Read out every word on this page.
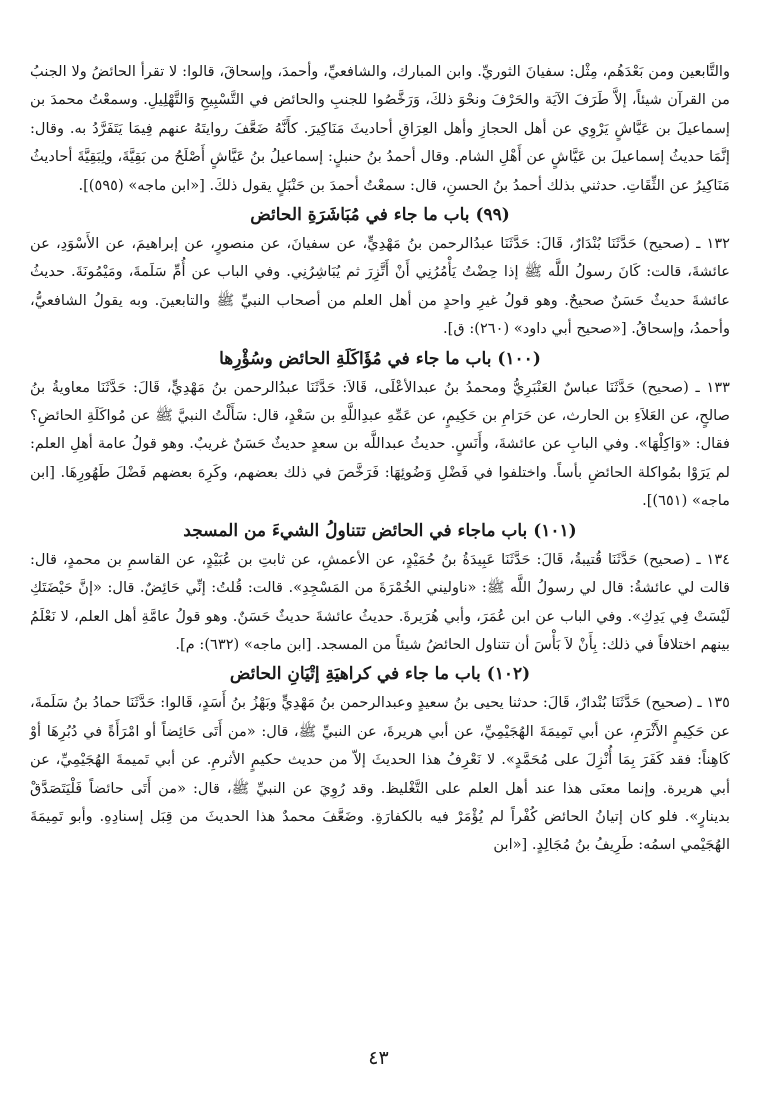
والتَّابعين ومن بَعْدَهُم، مِثْل: سفيانَ الثوريِّ. وابن المبارك، والشافعيِّ، وأحمدَ، وإسحاقَ، قالوا: لا تقرأ الحائضُ ولا الجنبُ من القرآن شيئاً، إلاَّ طَرَفَ الآيَة والحَرْفَ ونحْوَ ذلكَ، وَرَخَّصُوا للجنبِ والحائض في التَّسْبِيحِ وَالتَّهْلِيلِ. وسمعْتُ محمدَ بن إسماعيلَ بن عَيَّاشٍ يَرْوِي عن أهل الحجازِ وأهل العِرَاقِ أحاديثَ مَنَاكِيرَ. كأَنَّهُ ضَعَّفَ روايتَهُ عنهم فِيمَا يَتَفَرَّدُ به. وقال: إنَّمَا حديثُ إسماعيلَ بن عَيَّاشٍ عن أَهْلِ الشام. وقال أحمدُ بنُ حنبلٍ: إسماعيلُ بنُ عَيَّاشٍ أَصْلَحُ من بَقِيَّةَ، ولِبَقِيَّةَ أحاديثُ مَنَاكِيرُ عن الثِّقَاتِ. حدثني بذلك أحمدُ بنُ الحسنِ، قال: سمعْتُ أحمدَ بن حَنْبَلٍ يقول ذلكَ. [«ابن ماجه» (٥٩٥)].

(٩٩) باب ما جاء في مُبَاشَرَةِ الحائض

١٣٢ ـ (صحيح) حَدَّثَنَا بُنْدَارٌ، قَالَ: حَدَّثَنَا عبدُالرحمن بنُ مَهْدِيٍّ، عن سفيانَ، عن منصورٍ، عن إبراهيمَ، عن الأَسْوَدِ، عن عائشةَ، قالت: كَانَ رسولُ اللَّه ﷺ إذا حِضْتُ يَأْمُرُنِي أَنْ أَتَّزِرَ ثم يُبَاشِرُنِي. وفي الباب عن أُمِّ سَلَمةَ، ومَيْمُونَةَ. حديثُ عائشةَ حديثٌ حَسَنٌ صحيحٌ. وهو قولُ غيرِ واحدٍ من أهل العلم من أصحاب النبيِّ ﷺ والتابعينَ. وبه يقولُ الشافعيُّ، وأحمدُ، وإسحاقُ. [«صحيح أبي داود» (٢٦٠): ق].

(١٠٠) باب ما جاء في مُؤَاكَلَةِ الحائض وسُؤْرِها

١٣٣ ـ (صحيح) حَدَّثَنَا عباسٌ العَنْبَرِيُّ ومحمدُ بنُ عبدالأعْلَى، قَالاَ: حَدَّثَنَا عبدُالرحمن بنُ مَهْدِيٍّ، قَالَ: حَدَّثَنَا معاويةُ بنُ صالحٍ، عن العَلاَءِ بن الحارث، عن حَرَامِ بن حَكِيمٍ، عن عَمِّهِ عبدِاللَّهِ بن سَعْدٍ، قال: سَأَلْتُ النبيَّ ﷺ عن مُواكَلَةِ الحائضِ؟ فقال: «وَاكِلْهَا». وفي البابِ عن عائشةَ، وأَنَسٍ. حديثُ عبداللَّه بن سعدٍ حديثٌ حَسَنٌ غريبٌ. وهو قولُ عامة أهلِ العلم: لم يَرَوْا بمُواكلة الحائضِ بأساً. واختلفوا في فَضْلِ وَضُوئِهَا: فَرَخَّصَ في ذلك بعضهم، وكَرِهَ بعضهم فَضْلَ طَهُورِهَا. [ابن ماجه» (٦٥١)].

(١٠١) باب ماجاء في الحائض تتناولُ الشيءَ من المسجد

١٣٤ ـ (صحيح) حَدَّثَنَا قُتيبةُ، قَالَ: حَدَّثَنَا عَبِيدَةُ بنُ حُمَيْدٍ، عن الأعمشِ، عن ثابتِ بن عُبَيْدٍ، عن القاسمِ بن محمدٍ، قال: قالت لي عائشةُ: قال لي رسولُ اللَّه ﷺ: «ناوليني الخُمْرَةَ من المَسْجِدِ». قالت: قُلتُ: إنِّي حَائِضٌ. قال: «إنَّ حَيْضَتَكِ لَيْسَتْ فِي يَدِكِ». وفي الباب عن ابن عُمَرَ، وأبي هُرَيرةَ. حديثُ عائشةَ حديثٌ حَسَنٌ. وهو قولُ عامَّةِ أهل العلم، لا نَعْلَمُ بينهم اختلافاً في ذلك: بِأَنْ لاَ بَأْسَ أن تتناول الحائضُ شيئاً من المسجد. [ابن ماجه» (٦٣٢): م].

(١٠٢) باب ما جاء في كراهيَةِ إتْيَانِ الحائض

١٣٥ ـ (صحيح) حَدَّثَنَا بُنْدارٌ، قَالَ: حدثنا يحيى بنُ سعيدٍ وعبدالرحمن بنُ مَهْدِيٍّ وبَهْزُ بنُ أَسَدٍ، قَالوا: حَدَّثَنَا حمادُ بنُ سَلَمةَ، عن حَكِيمٍ الأَثْرَمِ، عن أبي تَمِيمَةَ الهُجَيْمِيِّ، عن أبي هريرةَ، عن النبيِّ ﷺ، قال: «من أَتَى حَائِضاً أو امْرَأَةً في دُبُرِهَا أوْ كَاهِناً: فقد كَفَرَ بِمَا أُنْزِلَ على مُحَمَّدٍ». لا نَعْرِفُ هذا الحديثَ إلاّ من حديث حكيمٍ الأثرمِ. عن أبي تَميمةَ الهُجَيْمِيِّ، عن أبي هريرة. وإنما معنَى هذا عند أهل العلم على التَّغْليظ. وقد رُوِيَ عن النبيِّ ﷺ، قال: «من أَتَى حائضاً فَلْيَتَصَدَّقْ بدينارٍ». فلو كان إتيانُ الحائض كُفْراً لم يُؤْمَرْ فيه بالكفارَةِ. وضَعَّفَ محمدٌ هذا الحديثَ من قِبَل إسنادِهِ. وأبو تَمِيمَةَ الهُجَيْمي اسمُه: طَرِيفُ بنُ مُجَالِدٍ. [«ابن

٤٣
